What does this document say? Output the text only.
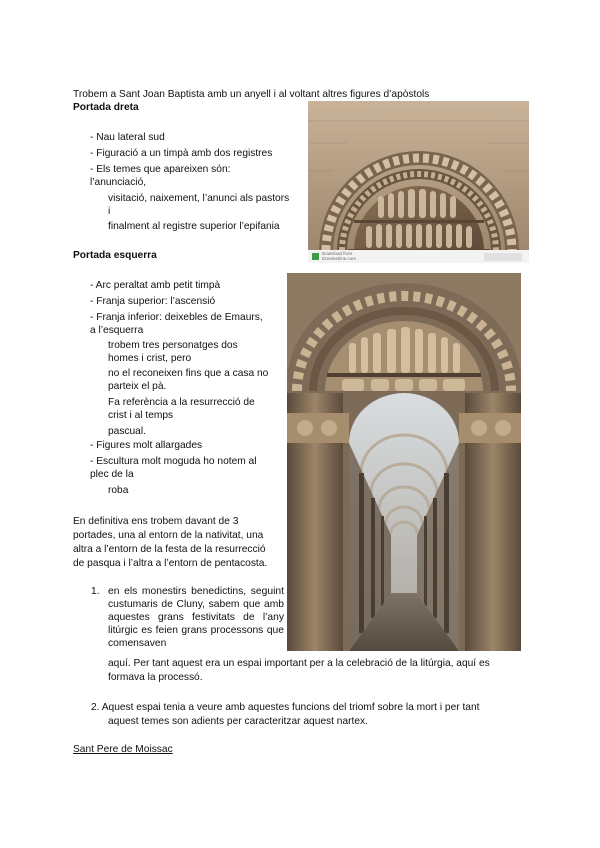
Trobem a Sant Joan Baptista amb un anyell i al voltant altres figures d’apòstols
Portada dreta
- Nau lateral sud
- Figuració a un timpà amb dos registres
- Els temes que apareixen són:
l’anunciació,
visitació, naixement, l’anunci als pastors
i
finalment al registre superior l’epifania
Download from
Dreamstime.com
Portada esquerra
- Arc peraltat amb petit timpà
- Franja superior: l’ascensió
- Franja inferior: deixebles de Emaurs,
a l’esquerra
trobem tres personatges dos
homes i crist, pero
no el reconeixen fins que a casa no
parteix el pà.
Fa referència a la resurrecció de
crist i al temps
pascual.
- Figures molt allargades
- Escultura molt moguda ho notem al
plec de la
roba
En definitiva ens trobem davant de 3
portades, una al entorn de la nativitat, una
altra a l’entorn de la festa de la resurrecció
de pasqua i l’altra a l’entorn de pentacosta.
1. en els monestirs benedictins, seguint custumaris de Cluny, sabem que amb aquestes grans festivitats de l’any litúrgic es feien grans processons que comensaven
aquí. Per tant aquest era un espai important per a la celebració de la litúrgia, aquí es
formava la processó.
2. Aquest espai tenia a veure amb aquestes funcions del triomf sobre la mort i per tant
aquest temes son adients per caracteritzar aquest nartex.
Sant Pere de Moissac
